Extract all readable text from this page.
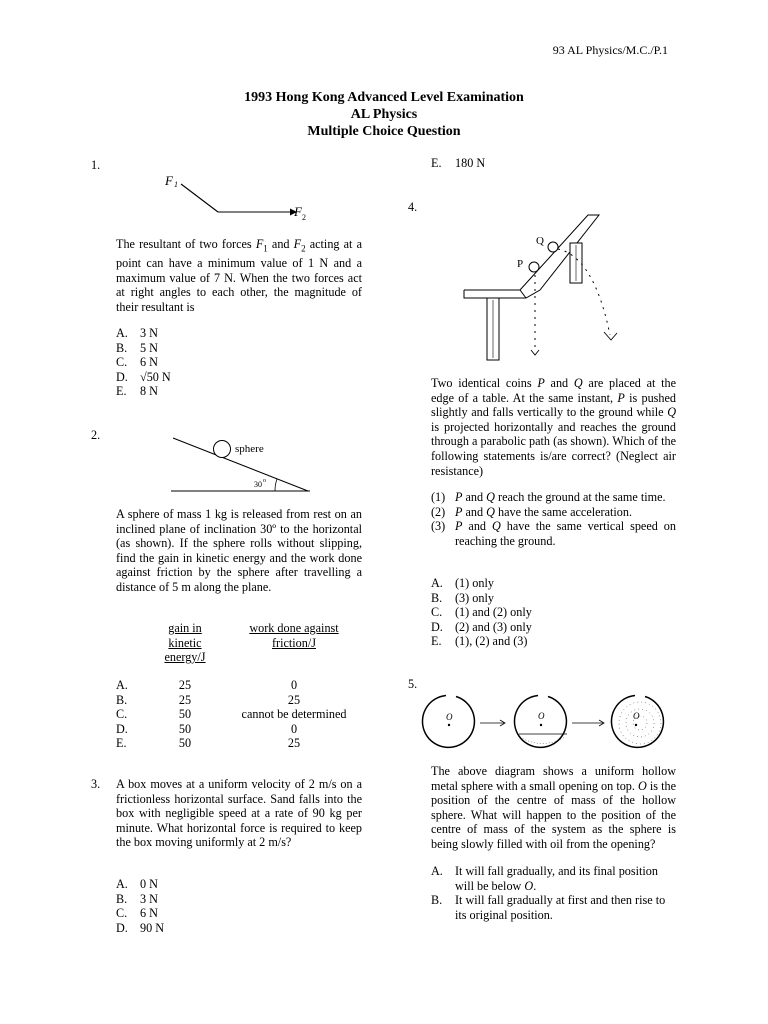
93 AL Physics/M.C./P.1
1993 Hong Kong Advanced Level Examination
AL Physics
Multiple Choice Question
1.
F 1
F 2
The resultant of two forces $F_1$ and $F_2$ acting at a point can have a minimum value of 1 N and a maximum value of 7 N. When the two forces act at right angles to each other, the magnitude of their resultant is
A. 3 N
B. 5 N
C. 6 N
D. √50 N
E. 8 N
2.
sphere
30 o
A sphere of mass 1 kg is released from rest on an inclined plane of inclination 30º to the horizontal (as shown). If the sphere rolls without slipping, find the gain in kinetic energy and the work done against friction by the sphere after travelling a distance of 5 m along the plane.
gain in
kinetic
energy/J
work done against
friction/J
A.	25	0
B.	25	25
C.	50	cannot be determined
D.	50	0
E.	50	25
3. A box moves at a uniform velocity of 2 m/s on a frictionless horizontal surface. Sand falls into the box with negligible speed at a rate of 90 kg per minute. What horizontal force is required to keep the box moving uniformly at 2 m/s?
A. 0 N
B. 3 N
C. 6 N
D. 90 N
E. 180 N
4.
P
Q
Two identical coins P and Q are placed at the edge of a table. At the same instant, P is pushed slightly and falls vertically to the ground while Q is projected horizontally and reaches the ground through a parabolic path (as shown). Which of the following statements is/are correct? (Neglect air resistance)
(1) P and Q reach the ground at the same time.
(2) P and Q have the same acceleration.
(3) P and Q have the same vertical speed on reaching the ground.
A. (1) only
B. (3) only
C. (1) and (2) only
D. (2) and (3) only
E. (1), (2) and (3)
5.
O	O	O
The above diagram shows a uniform hollow metal sphere with a small opening on top. O is the position of the centre of mass of the hollow sphere. What will happen to the position of the centre of mass of the system as the sphere is being slowly filled with oil from the opening?
A. It will fall gradually, and its final position will be below O.
B.	It will fall gradually at first and then rise to its original position.
